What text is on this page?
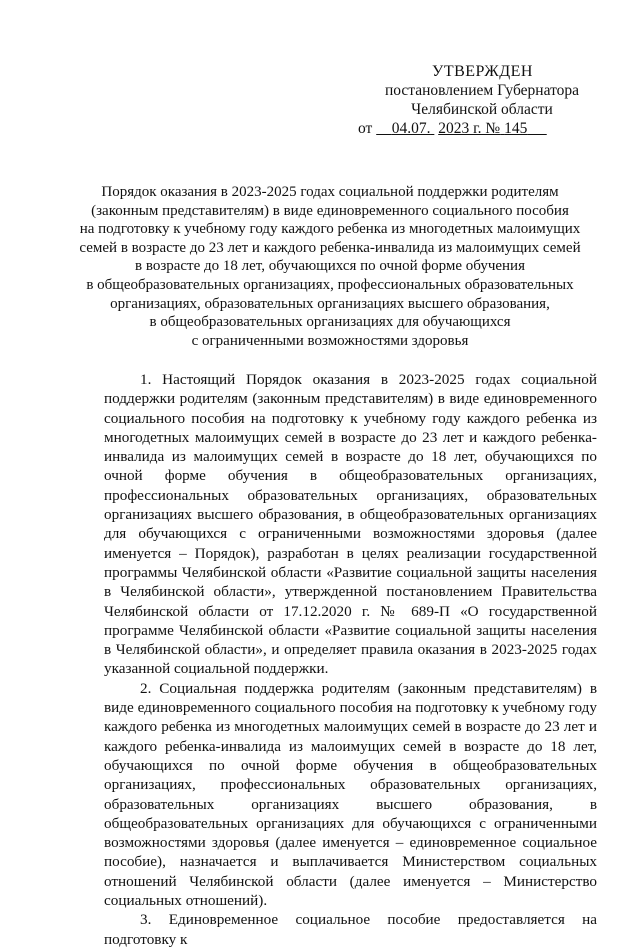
УТВЕРЖДЕН
постановлением Губернатора
Челябинской области
от 04.07. 2023 г. № 145
Порядок оказания в 2023-2025 годах социальной поддержки родителям
(законным представителям) в виде единовременного социального пособия
на подготовку к учебному году каждого ребенка из многодетных малоимущих
семей в возрасте до 23 лет и каждого ребенка-инвалида из малоимущих семей
в возрасте до 18 лет, обучающихся по очной форме обучения
в общеобразовательных организациях, профессиональных образовательных
организациях, образовательных организациях высшего образования,
в общеобразовательных организациях для обучающихся
с ограниченными возможностями здоровья

1. Настоящий Порядок оказания в 2023-2025 годах социальной поддержки родителям (законным представителям) в виде единовременного социального пособия на подготовку к учебному году каждого ребенка из многодетных малоимущих семей в возрасте до 23 лет и каждого ребенка-инвалида из малоимущих семей в возрасте до 18 лет, обучающихся по очной форме обучения в общеобразовательных организациях, профессиональных образовательных организациях, образовательных организациях высшего образования, в общеобразовательных организациях для обучающихся с ограниченными возможностями здоровья (далее именуется – Порядок), разработан в целях реализации государственной программы Челябинской области «Развитие социальной защиты населения в Челябинской области», утвержденной постановлением Правительства Челябинской области от 17.12.2020 г. № 689-П «О государственной программе Челябинской области «Развитие социальной защиты населения в Челябинской области», и определяет правила оказания в 2023-2025 годах указанной социальной поддержки.

2. Социальная поддержка родителям (законным представителям) в виде единовременного социального пособия на подготовку к учебному году каждого ребенка из многодетных малоимущих семей в возрасте до 23 лет и каждого ребенка-инвалида из малоимущих семей в возрасте до 18 лет, обучающихся по очной форме обучения в общеобразовательных организациях, профессиональных образовательных организациях, образовательных организациях высшего образования, в общеобразовательных организациях для обучающихся с ограниченными возможностями здоровья (далее именуется – единовременное социальное пособие), назначается и выплачивается Министерством социальных отношений Челябинской области (далее именуется – Министерство социальных отношений).

3. Единовременное социальное пособие предоставляется на подготовку к
